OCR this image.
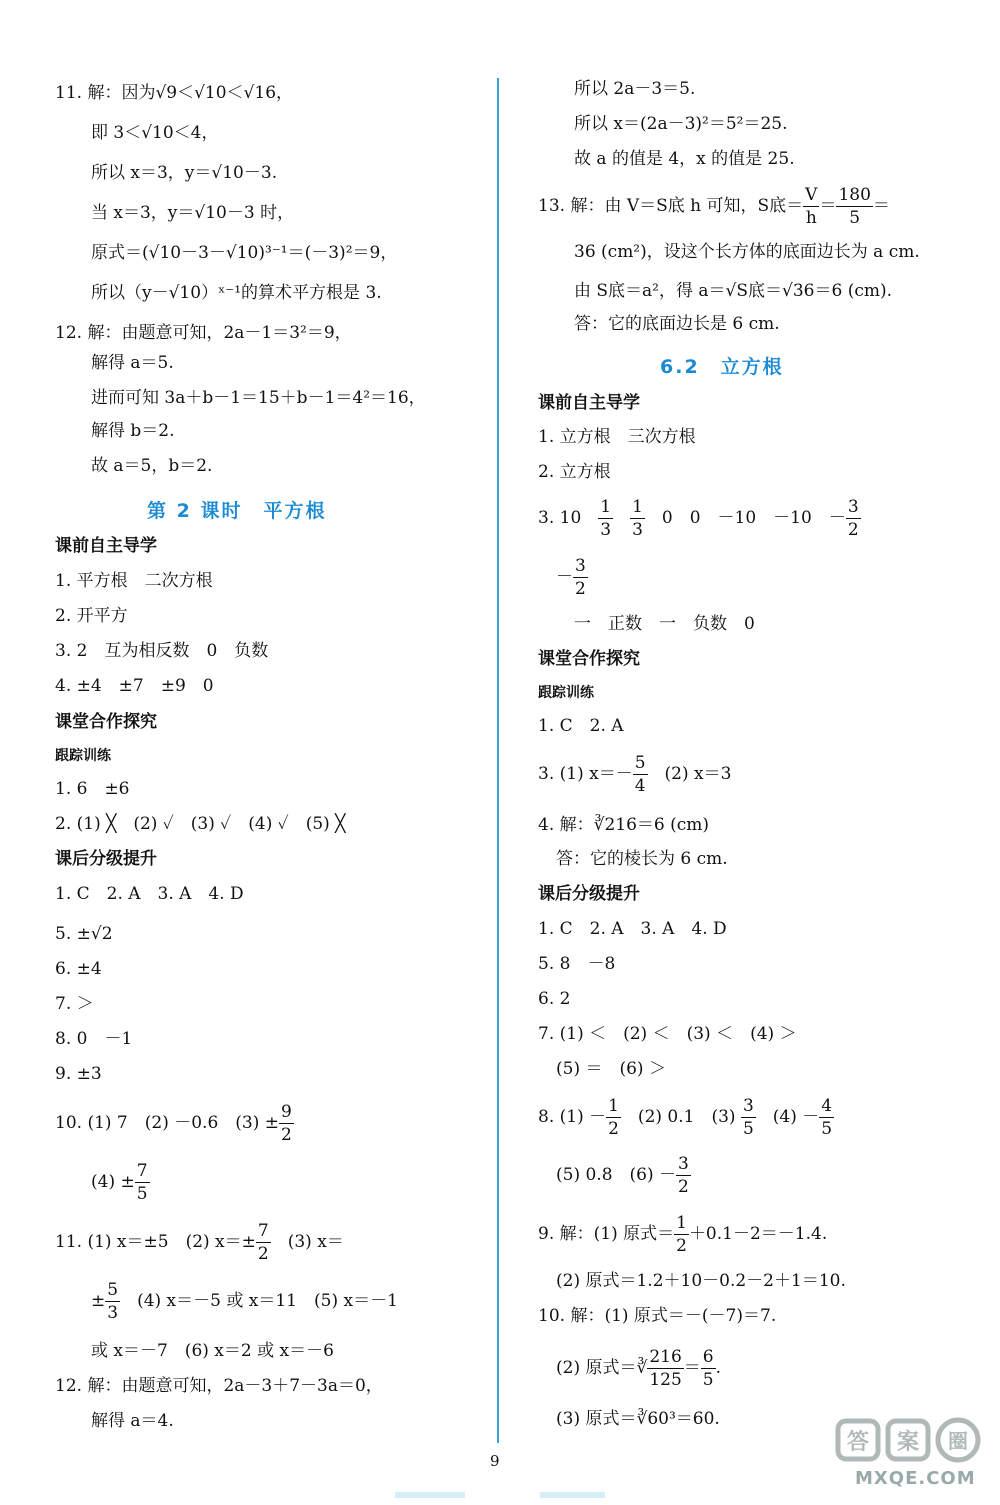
11. 解：因为√9＜√10＜√16，
即 3＜√10＜4，
所以 x＝3，y＝√10－3.
当 x＝3，y＝√10－3 时，
原式＝(√10－3－√10)³⁻¹＝(－3)²＝9，
所以（y－√10）ˣ⁻¹的算术平方根是 3.
12. 解：由题意可知，2a－1＝3²＝9，
解得 a＝5.
进而可知 3a＋b－1＝15＋b－1＝4²＝16，
解得 b＝2.
故 a＝5，b＝2.
第 2 课时　平方根
课前自主导学
1. 平方根　二次方根
2. 开平方
3. 2　互为相反数　0　负数
4. ±4　±7　±9　0
课堂合作探究
跟踪训练
1. 6　±6
2. (1) ╳　(2) ✓　(3) ✓　(4) ✓　(5) ╳
课后分级提升
1. C　2. A　3. A　4. D
5. ±√2
6. ±4
7. ＞
8. 0　－1
9. ±3
10. (1) 7　(2) －0.6　$(3) \pm \frac{9}{2}$
$(4) \pm \frac{7}{5}$
11. (1) x＝±5　(2) $x=\pm \frac{7}{2}$ 　(3) x＝
± $\frac{5}{3}$ 　(4) x＝－5 或 x＝11　(5) x＝－1
或 x＝－7　(6) x＝2 或 x＝－6
12. 解：由题意可知，2a－3＋7－3a＝0，
解得 a＝4.
所以 2a－3＝5.
所以 x＝(2a－3)²＝5²＝25.
故 a 的值是 4，x 的值是 25.
13. 解：由 V＝S底 h 可知，S底＝ $\frac{V}{h} = \frac{180}{5}$ ＝
36 (cm²)，设这个长方体的底面边长为 a cm.
由 S底＝a²，得 a＝√S底＝√36＝6 (cm).
答：它的底面边长是 6 cm.
6.2　立方根
课前自主导学
1. 立方根　三次方根
2. 立方根
3. 10　 $\frac{1}{3}$
　 $\frac{1}{3}$ 　0　0　－10　－10　－ $\frac{3}{2}$
－ $\frac{3}{2}$
一　正数　一　负数　0
课堂合作探究
跟踪训练
1. C　2. A
3. (1) $x=- \frac{5}{4}$ 　(2) x＝3
4. 解：∛216＝6 (cm)
答：它的棱长为 6 cm.
课后分级提升
1. C　2. A　3. A　4. D
5. 8　－8
6. 2
7. (1) ＜　(2) ＜　(3) ＜　(4) ＞
(5) ＝　(6) ＞
8. $(1) - \frac{1}{2}$ 　(2) 0.1　$(3) \frac{3}{5}$ 　$(4) - \frac{4}{5}$
(5) 0.8　$(6) - \frac{3}{2}$
9. 解：(1) 原式＝ $\frac{1}{2} +0.1-2=-1.4$.
(2) 原式＝1.2＋10－0.2－2＋1＝10.
10. 解：(1) 原式＝－(－7)＝7.
(2) 原式＝∛ $\frac{216}{125} = \frac{6}{5}$ .
(3) 原式＝∛60³＝60.
9
答 案 圈
MXQE.COM
